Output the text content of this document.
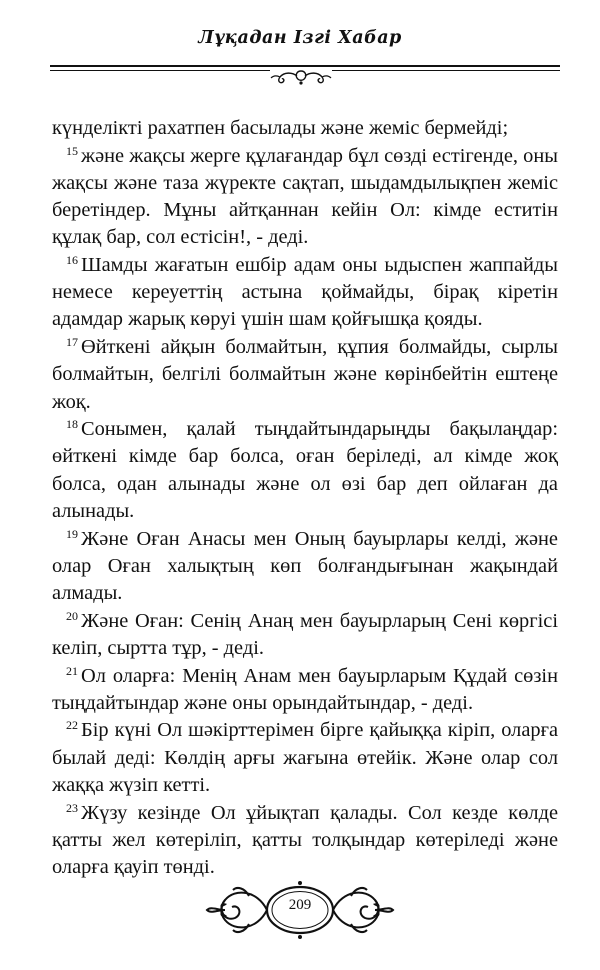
Лұқадан Ізгі Хабар

күнделікті рахатпен басылады және жеміс бермейді;

$^{15}$ және жақсы жерге құлағандар бұл сөзді естігенде, оны жақсы және таза жүректе сақтап, шыдамдылықпен жеміс беретіндер. Мұны айтқаннан кейін Ол: кімде еститін құлақ бар, сол естісін!, - деді.

$^{16}$ Шамды жағатын ешбір адам оны ыдыспен жаппайды немесе кереуеттің астына қоймайды, бірақ кіретін адамдар жарық көруі үшін шам қойғышқа қояды.

$^{17}$ Өйткені айқын болмайтын, құпия болмайды, сырлы болмайтын, белгілі болмайтын және көрінбейтін ештеңе жоқ.

$^{18}$ Сонымен, қалай тыңдайтындарыңды бақылаңдар: өйткені кімде бар болса, оған беріледі, ал кімде жоқ болса, одан алынады және ол өзі бар деп ойлаған да алынады.

$^{19}$ Және Оған Анасы мен Оның бауырлары келді, және олар Оған халықтың көп болғандығынан жақындай алмады.

$^{20}$ Және Оған: Сенің Анаң мен бауырларың Сені көргісі келіп, сыртта тұр, - деді.

$^{21}$ Ол оларға: Менің Анам мен бауырларым Құдай сөзін тыңдайтындар және оны орындайтындар, - деді.

$^{22}$ Бір күні Ол шәкірттерімен бірге қайыққа кіріп, оларға былай деді: Көлдің арғы жағына өтейік. Және олар сол жаққа жүзіп кетті.

$^{23}$ Жүзу кезінде Ол ұйықтап қалады. Сол кезде көлде қатты жел көтеріліп, қатты толқындар көтеріледі және оларға қауіп төнді.

209
